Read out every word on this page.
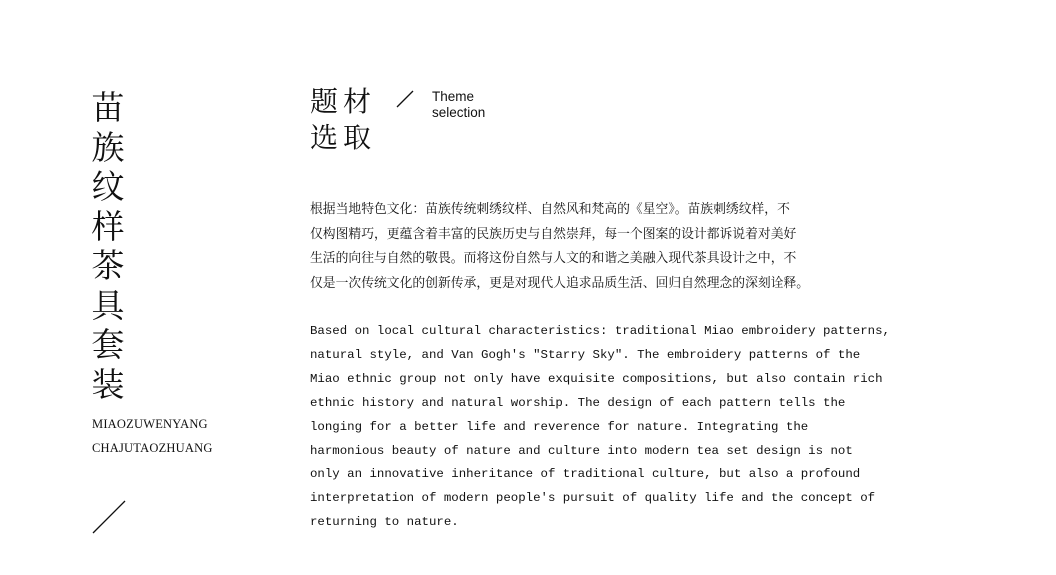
苗
族
纹
样
茶
具
套
装
MIAOZUWENYANG
CHAJUTAOZHUANG
题材
选取
Theme
selection
根据当地特色文化：苗族传统刺绣纹样、自然风和梵高的《星空》。苗族刺绣纹样，不
仅构图精巧，更蕴含着丰富的民族历史与自然崇拜，每一个图案的设计都诉说着对美好
生活的向往与自然的敬畏。而将这份自然与人文的和谐之美融入现代茶具设计之中，不
仅是一次传统文化的创新传承，更是对现代人追求品质生活、回归自然理念的深刻诠释。
Based on local cultural characteristics: traditional Miao embroidery patterns,
natural style, and Van Gogh's "Starry Sky". The embroidery patterns of the
Miao ethnic group not only have exquisite compositions, but also contain rich
ethnic history and natural worship. The design of each pattern tells the
longing for a better life and reverence for nature. Integrating the
harmonious beauty of nature and culture into modern tea set design is not
only an innovative inheritance of traditional culture, but also a profound
interpretation of modern people's pursuit of quality life and the concept of
returning to nature.
